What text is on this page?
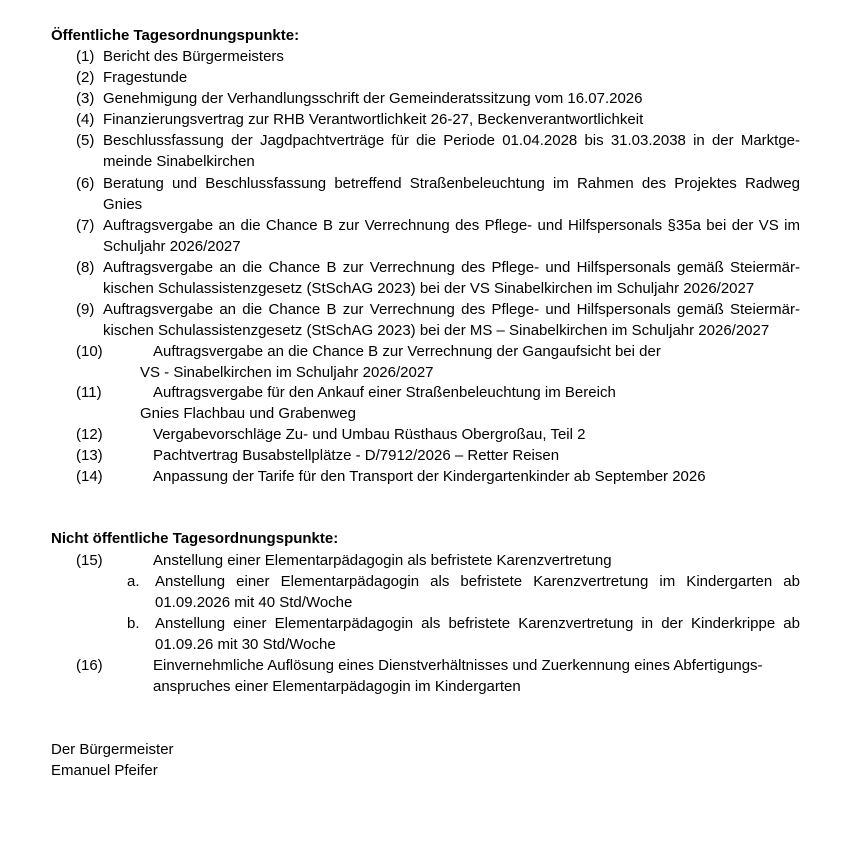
Öffentliche Tagesordnungspunkte:
(1) Bericht des Bürgermeisters
(2) Fragestunde
(3) Genehmigung der Verhandlungsschrift der Gemeinderatssitzung vom 16.07.2026
(4) Finanzierungsvertrag zur RHB Verantwortlichkeit 26-27, Beckenverantwortlichkeit
(5) Beschlussfassung der Jagdpachtverträge für die Periode 01.04.2028 bis 31.03.2038 in der Marktge-
meinde Sinabelkirchen
(6) Beratung und Beschlussfassung betreffend Straßenbeleuchtung im Rahmen des Projektes Radweg
Gnies
(7) Auftragsvergabe an die Chance B zur Verrechnung des Pflege- und Hilfspersonals §35a bei der VS im
Schuljahr 2026/2027
(8) Auftragsvergabe an die Chance B zur Verrechnung des Pflege- und Hilfspersonals gemäß Steiermär-
kischen Schulassistenzgesetz (StSchAG 2023) bei der VS Sinabelkirchen im Schuljahr 2026/2027
(9) Auftragsvergabe an die Chance B zur Verrechnung des Pflege- und Hilfspersonals gemäß Steiermär-
kischen Schulassistenzgesetz (StSchAG 2023) bei der MS – Sinabelkirchen im Schuljahr 2026/2027
(10)	Auftragsvergabe an die Chance B zur Verrechnung der Gangaufsicht bei der
VS - Sinabelkirchen im Schuljahr 2026/2027
(11)	Auftragsvergabe für den Ankauf einer Straßenbeleuchtung im Bereich
Gnies Flachbau und Grabenweg
(12)	Vergabevorschläge Zu- und Umbau Rüsthaus Obergroßau, Teil 2
(13)	Pachtvertrag Busabstellplätze - D/7912/2026 – Retter Reisen
(14)	Anpassung der Tarife für den Transport der Kindergartenkinder ab September 2026
Nicht öffentliche Tagesordnungspunkte:
(15)	Anstellung einer Elementarpädagogin als befristete Karenzvertretung
a. Anstellung einer Elementarpädagogin als befristete Karenzvertretung im Kindergarten ab
01.09.2026 mit 40 Std/Woche
b. Anstellung einer Elementarpädagogin als befristete Karenzvertretung in der Kinderkrippe ab
01.09.26 mit 30 Std/Woche
(16)	Einvernehmliche Auflösung eines Dienstverhältnisses und Zuerkennung eines Abfertigungs-
anspruches einer Elementarpädagogin im Kindergarten
Der Bürgermeister
Emanuel Pfeifer
